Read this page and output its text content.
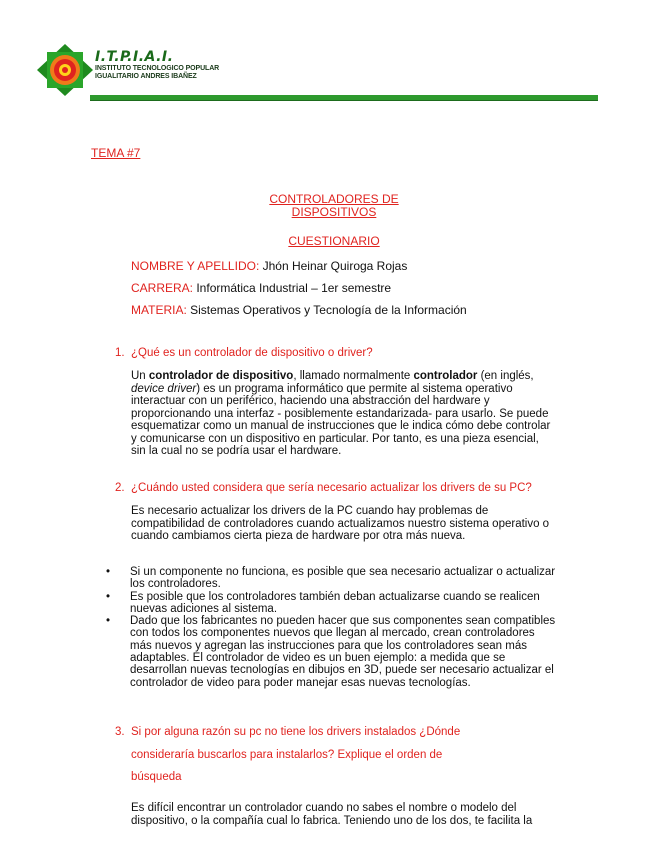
I.T.P.I.A.I.
INSTITUTO TECNOLOGICO POPULAR
IGUALITARIO ANDRES IBAÑEZ
TEMA #7
CONTROLADORES DE
DISPOSITIVOS
CUESTIONARIO
NOMBRE Y APELLIDO: Jhón Heinar Quiroga Rojas
CARRERA: Informática Industrial – 1er semestre
MATERIA: Sistemas Operativos y Tecnología de la Información
1. ¿Qué es un controlador de dispositivo o driver?
Un controlador de dispositivo, llamado normalmente controlador (en inglés,
device driver) es un programa informático que permite al sistema operativo
interactuar con un periférico, haciendo una abstracción del hardware y
proporcionando una interfaz - posiblemente estandarizada- para usarlo. Se puede
esquematizar como un manual de instrucciones que le indica cómo debe controlar
y comunicarse con un dispositivo en particular. Por tanto, es una pieza esencial,
sin la cual no se podría usar el hardware.
2. ¿Cuándo usted considera que sería necesario actualizar los drivers de su PC?
Es necesario actualizar los drivers de la PC cuando hay problemas de
compatibilidad de controladores cuando actualizamos nuestro sistema operativo o
cuando cambiamos cierta pieza de hardware por otra más nueva.
• Si un componente no funciona, es posible que sea necesario actualizar o actualizar
los controladores.
• Es posible que los controladores también deban actualizarse cuando se realicen
nuevas adiciones al sistema.
• Dado que los fabricantes no pueden hacer que sus componentes sean compatibles
con todos los componentes nuevos que llegan al mercado, crean controladores
más nuevos y agregan las instrucciones para que los controladores sean más
adaptables. El controlador de video es un buen ejemplo: a medida que se
desarrollan nuevas tecnologías en dibujos en 3D, puede ser necesario actualizar el
controlador de video para poder manejar esas nuevas tecnologías.
3. Si por alguna razón su pc no tiene los drivers instalados ¿Dónde
consideraría buscarlos para instalarlos? Explique el orden de
búsqueda
Es difícil encontrar un controlador cuando no sabes el nombre o modelo del
dispositivo, o la compañía cual lo fabrica. Teniendo uno de los dos, te facilita la
